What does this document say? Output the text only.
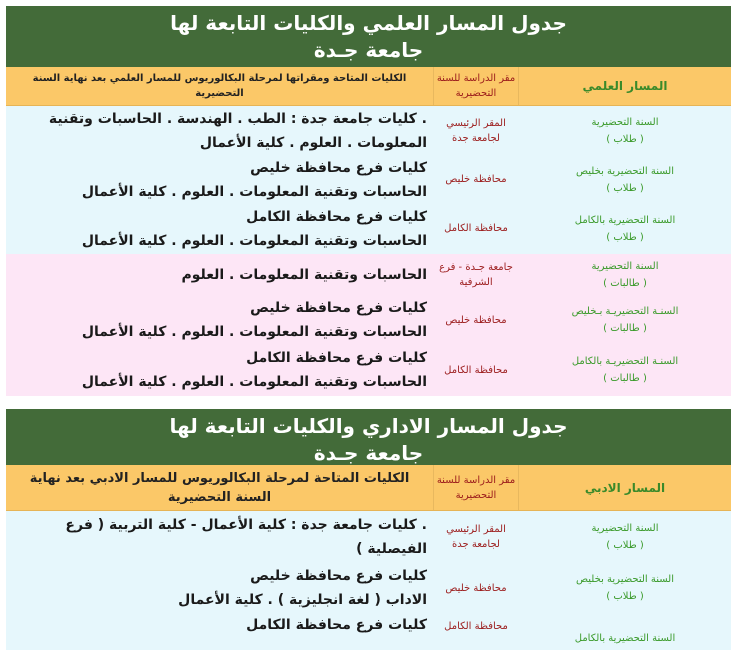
جدول المسار العلمي والكليات التابعة لها
جامعة جـدة
المسار العلمي
مقر الدراسة للسنة التحضيرية
الكليات المتاحة ومقراتها لمرحلة البكالوريوس للمسار العلمي بعد نهاية السنة التحضيرية
السنة التحضيرية
( طلاب )
المقر الرئيسي لجامعة جدة
. كليات جامعة جدة : الطب . الهندسة . الحاسبات وتقنية
المعلومات . العلوم . كلية الأعمال
السنة التحضيرية بخليص
( طلاب )
محافظة خليص
كليات فرع محافظة خليص
الحاسبات وتقنية المعلومات . العلوم . كلية الأعمال
السنة التحضيرية بالكامل
( طلاب )
محافظة الكامل
كليات فرع محافظة الكامل
الحاسبات وتقنية المعلومات . العلوم . كلية الأعمال
السنة التحضيرية
( طالبات )
جامعة جـدة - فرع الشرفية
الحاسبات وتقنية المعلومات . العلوم
السنـة التحضيريـة بـخليص
( طالبات )
محافظة خليص
كليات فرع محافظة خليص
الحاسبات وتقنية المعلومات . العلوم . كلية الأعمال
السنـة التحضيريـة بالكامل
( طالبات )
محافظة الكامل
كليات فرع محافظة الكامل
الحاسبات وتقنية المعلومات . العلوم . كلية الأعمال
جدول المسار الاداري والكليات التابعة لها
جامعة جـدة
المسار الادبي
مقر الدراسة للسنة التحضيرية
الكليات المتاحة لمرحلة البكالوريوس للمسار الادبي بعد نهاية السنة التحضيرية
السنة التحضيرية
( طلاب )
المقر الرئيسي لجامعة جدة
. كليات جامعة جدة : كلية الأعمال - كلية التربية ( فرع الفيصلية )
السنة التحضيرية بخليص
( طلاب )
محافظة خليص
كليات فرع محافظة خليص
الاداب ( لغة انجليزية ) . كلية الأعمال
السنة التحضيرية بالكامل
محافظة الكامل
كليات فرع محافظة الكامل
